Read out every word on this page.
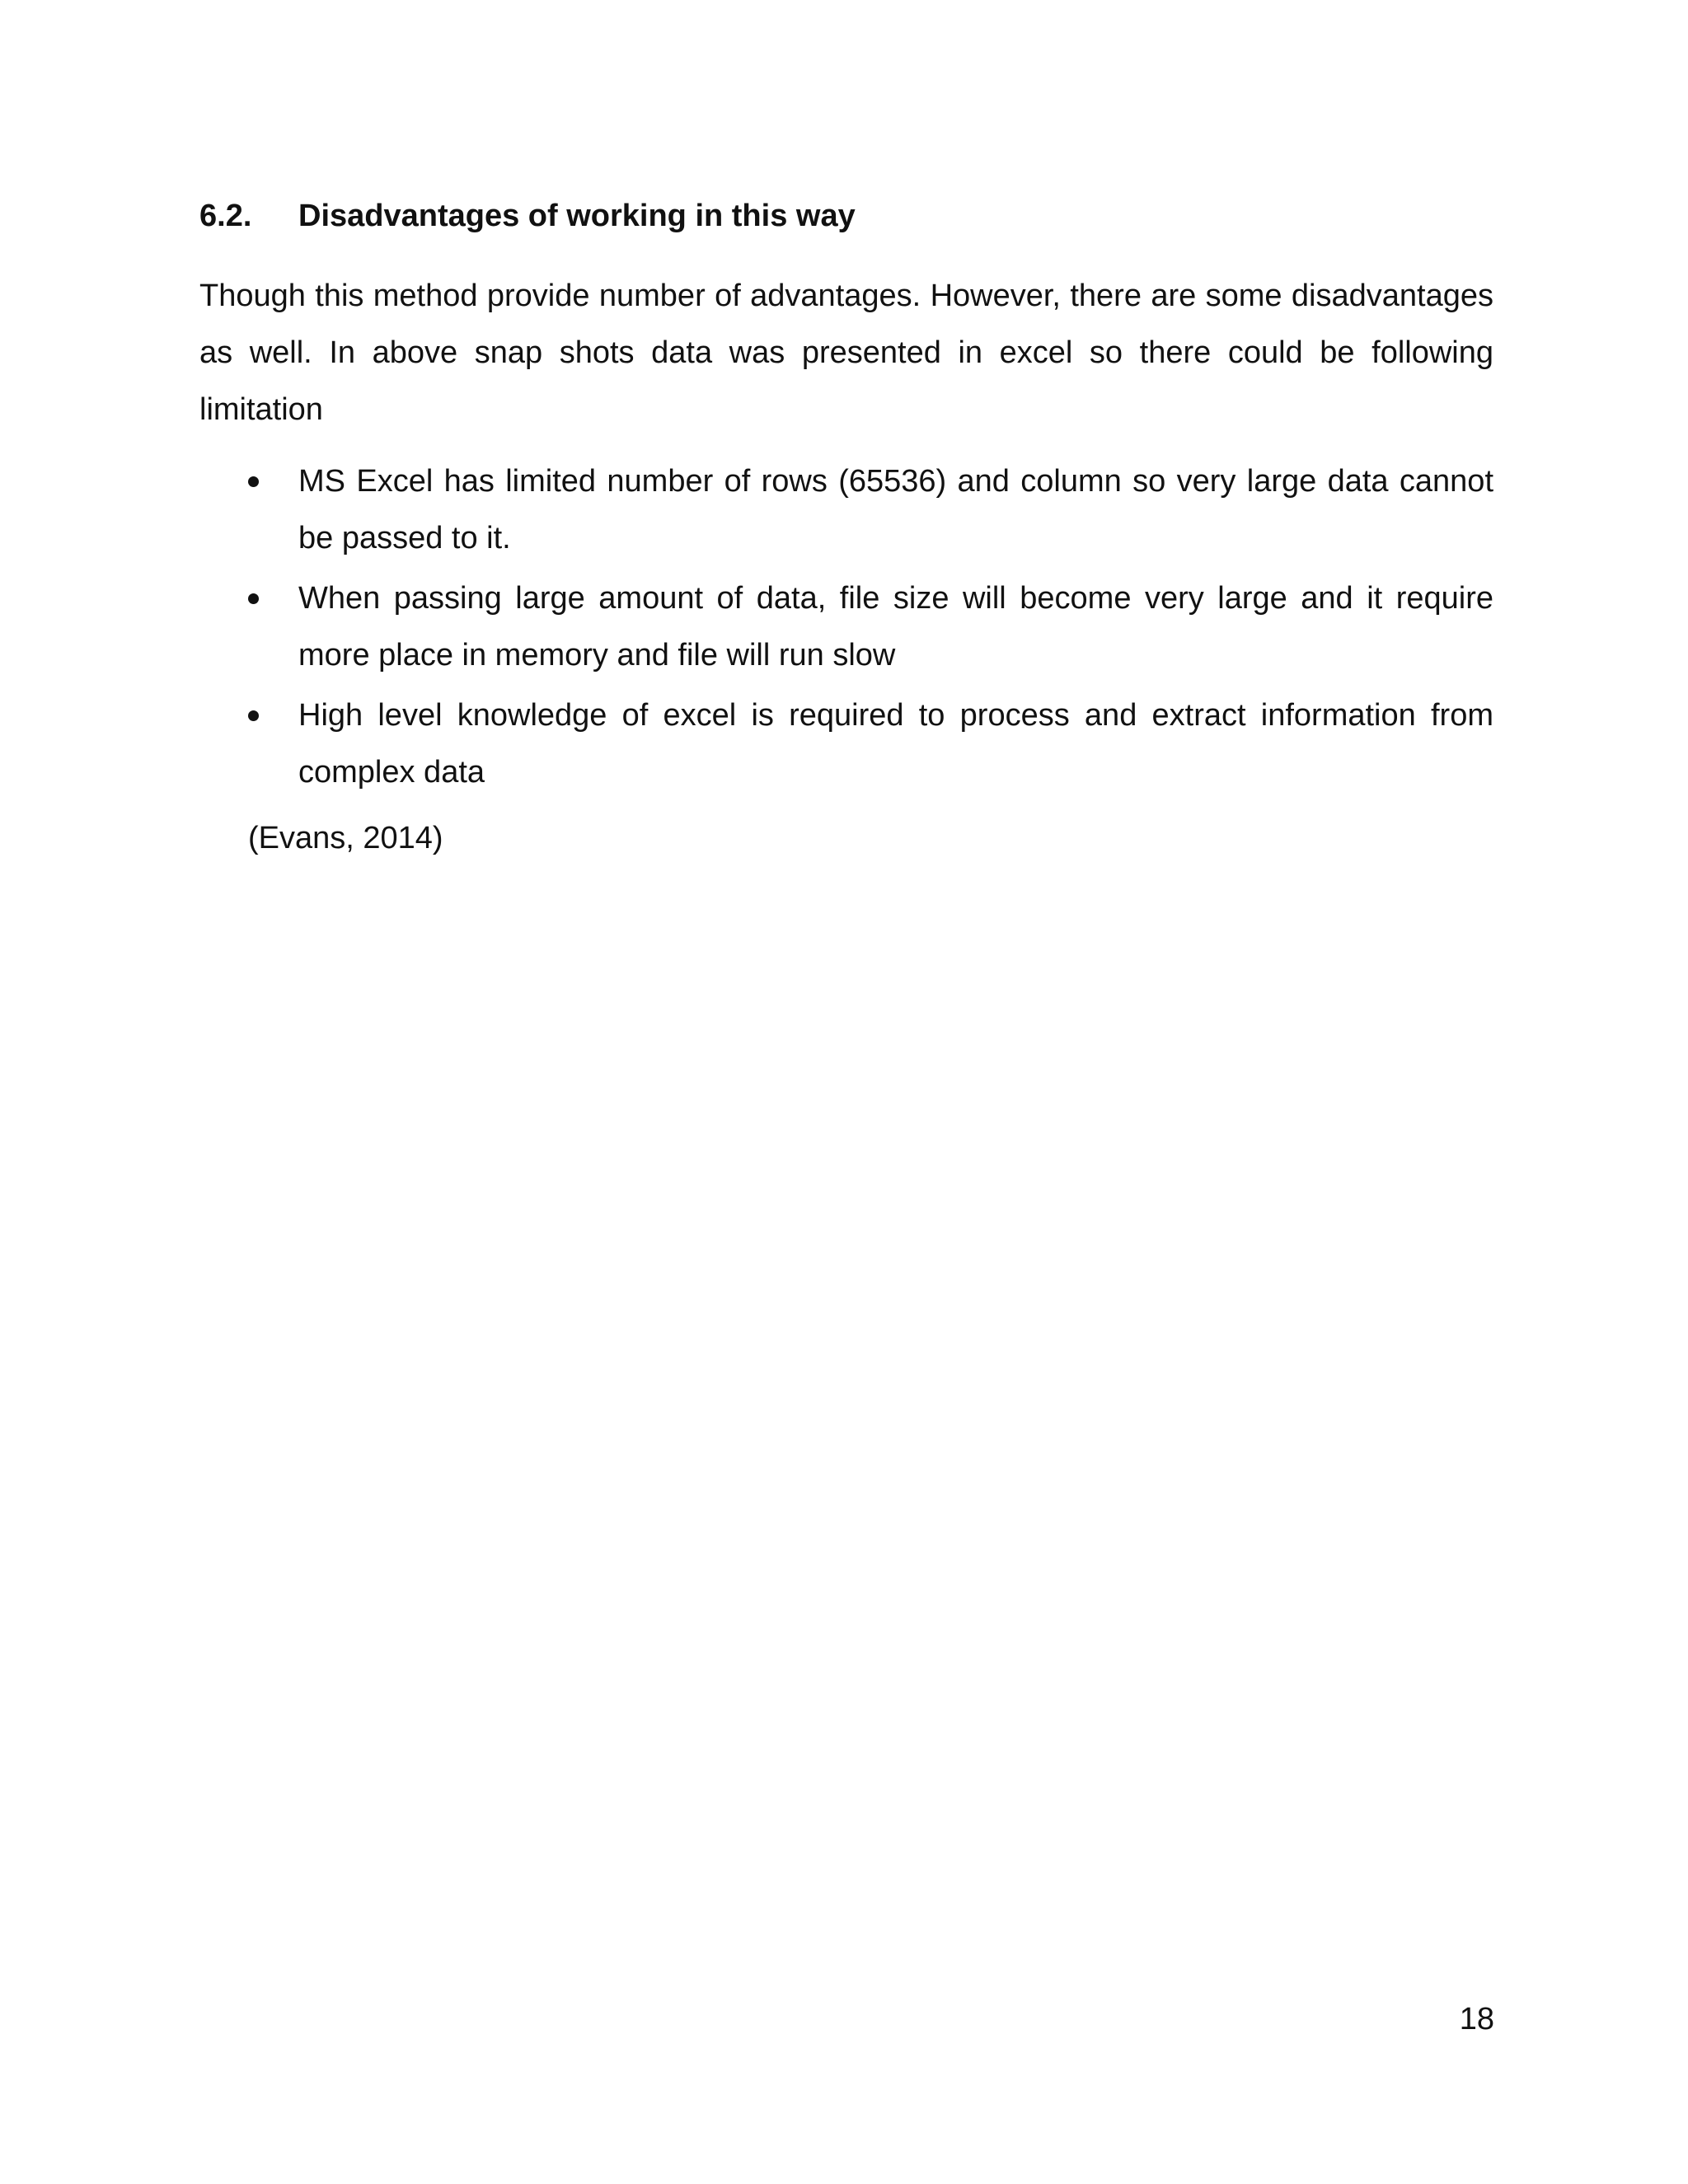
6.2. Disadvantages of working in this way

Though this method provide number of advantages. However, there are some disadvantages as well. In above snap shots data was presented in excel so there could be following limitation

MS Excel has limited number of rows (65536) and column so very large data cannot be passed to it.
When passing large amount of data, file size will become very large and it require more place in memory and file will run slow
High level knowledge of excel is required to process and extract information from complex data
(Evans, 2014)
18
